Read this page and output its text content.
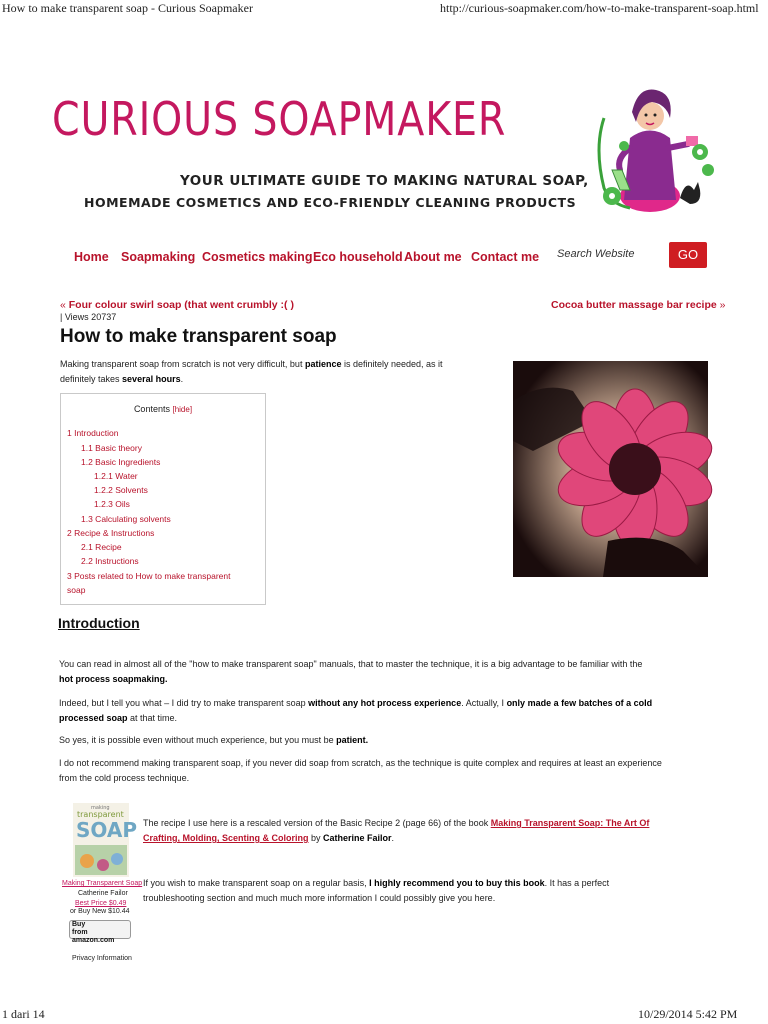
How to make transparent soap - Curious Soapmaker	http://curious-soapmaker.com/how-to-make-transparent-soap.html
CURIOUS SOAPMAKER
YOUR ULTIMATE GUIDE TO MAKING NATURAL SOAP,
HOMEMADE COSMETICS AND ECO-FRIENDLY CLEANING PRODUCTS
Home Soapmaking Cosmetics making Eco household About me Contact me Search Website	GO
« Four colour swirl soap (that went crumbly :( )	Cocoa butter massage bar recipe »
| Views 20737
How to make transparent soap

Making transparent soap from scratch is not very difficult, but patience is definitely needed, as it
definitely takes several hours.

Contents [hide]
1 Introduction
1.1 Basic theory
1.2 Basic Ingredients
1.2.1 Water
1.2.2 Solvents
1.2.3 Oils
1.3 Calculating solvents
2 Recipe & Instructions
2.1 Recipe
2.2 Instructions
3 Posts related to How to make transparent
soap
Introduction

You can read in almost all of the "how to make transparent soap" manuals, that to master the technique, it is a big advantage to be familiar with the
hot process soapmaking.

Indeed, but I tell you what – I did try to make transparent soap without any hot process experience. Actually, I only made a few batches of a cold
processed soap at that time.

So yes, it is possible even without much experience, but you must be patient.

I do not recommend making transparent soap, if you never did soap from scratch, as the technique is quite complex and requires at least an experience
from the cold process technique.

making
transparent
SOAP
Making Transparent Soap
Catherine Failor
Best Price $0.49
or Buy New $10.44
Buy
from amazon.com
Privacy Information

The recipe I use here is a rescaled version of the Basic Recipe 2 (page 66) of the book Making Transparent Soap: The Art Of
Crafting, Molding, Scenting & Coloring by Catherine Failor.

If you wish to make transparent soap on a regular basis, I highly recommend you to buy this book. It has a perfect
troubleshooting section and much much more information I could possibly give you here.

1 dari 14	10/29/2014 5:42 PM
